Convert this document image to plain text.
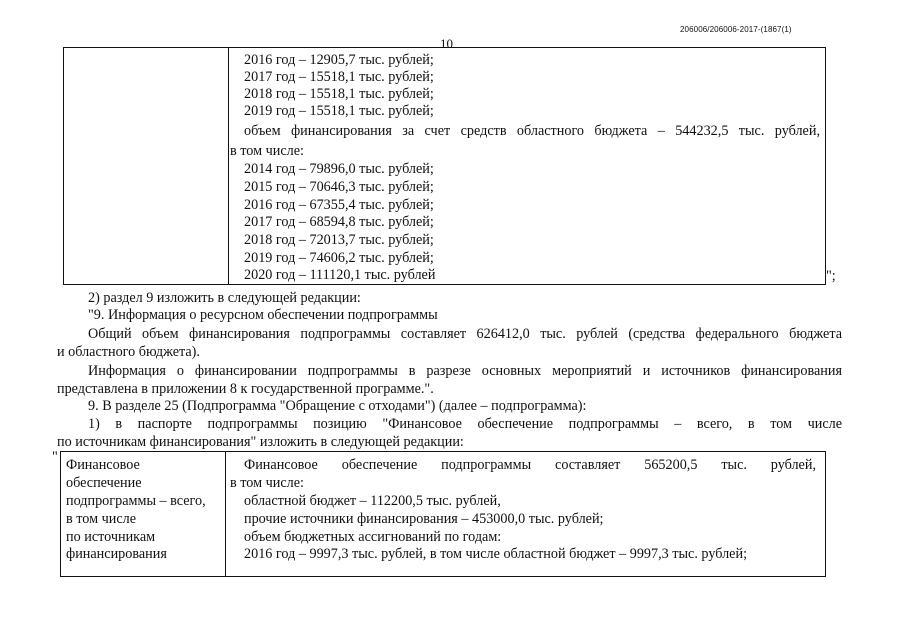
206006/206006-2017-(1867(1)
10
2016 год – 12905,7 тыс. рублей;
2017 год – 15518,1 тыс. рублей;
2018 год – 15518,1 тыс. рублей;
2019 год – 15518,1 тыс. рублей;
объем финансирования за счет средств областного бюджета – 544232,5 тыс. рублей,
в том числе:
2014 год – 79896,0 тыс. рублей;
2015 год – 70646,3 тыс. рублей;
2016 год – 67355,4 тыс. рублей;
2017 год – 68594,8 тыс. рублей;
2018 год – 72013,7 тыс. рублей;
2019 год – 74606,2 тыс. рублей;
2020 год – 111120,1 тыс. рублей	";
2) раздел 9 изложить в следующей редакции:
"9. Информация о ресурсном обеспечении подпрограммы
Общий объем финансирования подпрограммы составляет 626412,0 тыс. рублей (средства федерального бюджета
и областного бюджета).
Информация о финансировании подпрограммы в разрезе основных мероприятий и источников финансирования
представлена в приложении 8 к государственной программе.".
9. В разделе 25 (Подпрограмма "Обращение с отходами") (далее – подпрограмма):
1) в паспорте подпрограммы позицию "Финансовое обеспечение подпрограммы – всего, в том числе
по источникам финансирования" изложить в следующей редакции:
" Финансовое
обеспечение
подпрограммы – всего,
в том числе
по источникам
финансирования
Финансовое обеспечение подпрограммы составляет 565200,5 тыс. рублей,
в том числе:
областной бюджет – 112200,5 тыс. рублей,
прочие источники финансирования – 453000,0 тыс. рублей;
объем бюджетных ассигнований по годам:
2016 год – 9997,3 тыс. рублей, в том числе областной бюджет – 9997,3 тыс. рублей;
